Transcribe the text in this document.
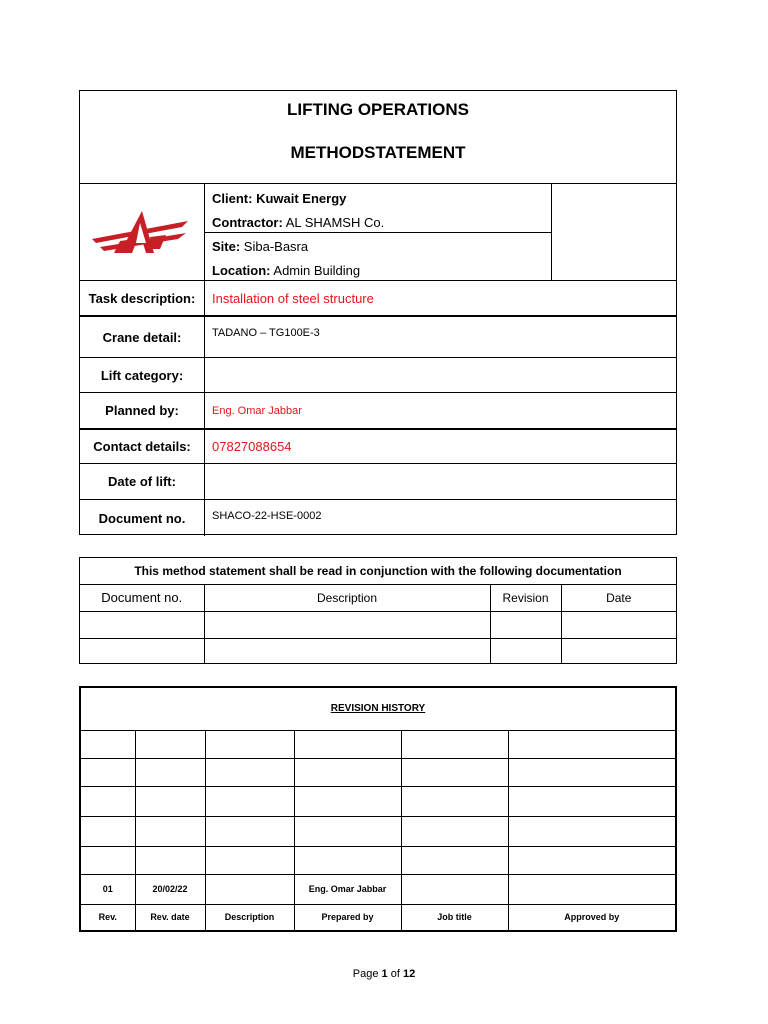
LIFTING OPERATIONS
METHODSTATEMENT
Client: Kuwait Energy
Contractor: AL SHAMSH Co.
Site: Siba-Basra
Location: Admin Building
Task description:	Installation of steel structure
Crane detail:	TADANO – TG100E-3
Lift category:
Planned by:	Eng. Omar Jabbar
Contact details:	07827088654
Date of lift:
Document no.	SHACO-22-HSE-0002
This method statement shall be read in conjunction with the following documentation			
Document no.	Description	Revision	Date

REVISION HISTORY					

01	20/02/22		Eng. Omar Jabbar		
Rev.	Rev. date	Description	Prepared by	Job title	Approved by
Page 1 of 12
